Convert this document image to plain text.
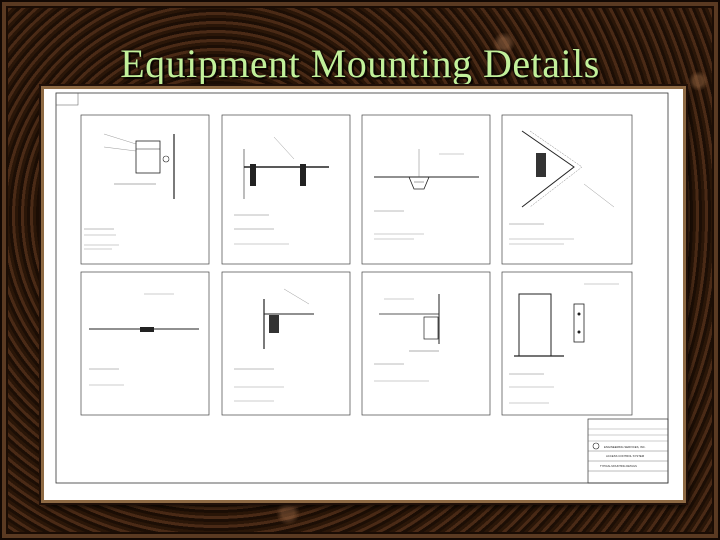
Equipment Mounting Details
ENGINEERING SERVICES, INC.
ACCESS CONTROL SYSTEM
TYPICAL MOUNTING DETAILS
